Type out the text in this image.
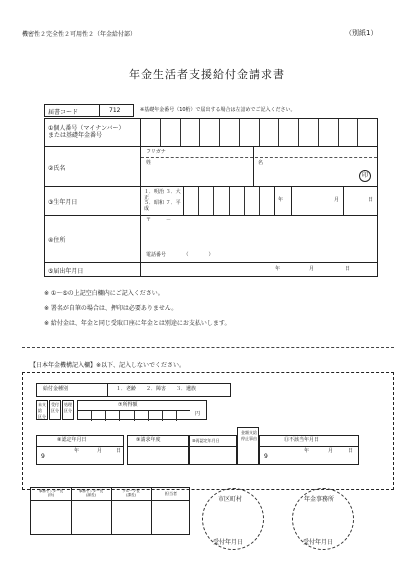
機密性２完全性２可用性２（年金給付部）	（別紙1）
年金生活者支援給付金請求書
届書コード	712	※基礎年金番号（10桁）で届出する場合は左詰めでご記入ください。
①個人番号（マイナンバー）
または基礎年金番号
②氏名
フリガナ
姓	名
印
③生年月日
１．明治 ３．大正
５．昭和 ７．平成
年	月	日
④住所
〒　　　－
電話番号　　　　（　　　　）
⑤届出年月日	年	月	日
※ ①～⑤の上記空白欄内にご記入ください。
※ 署名が自筆の場合は、押印は必要ありません。
※ 給付金は、年金と同じ受取口座に年金とは別途にお支払いします。
【日本年金機構記入欄】※以下、記入しないでください。
給付金種別	１．老齢　　２．障害　　３．遺族
未支給
区分
受付
区分
処理
区分
⑦所得額
円
⑧認定年月日
9
年	月	日
⑨請求年度	⑩再認定年月日
金額支給
停止事由	⑪不該当年月日
9
年	月	日
事務センター長
(所)
事務センター長
(副長)
グループ長
(課長)	担当者
市区町村
受付年月日
年金事務所
受付年月日
